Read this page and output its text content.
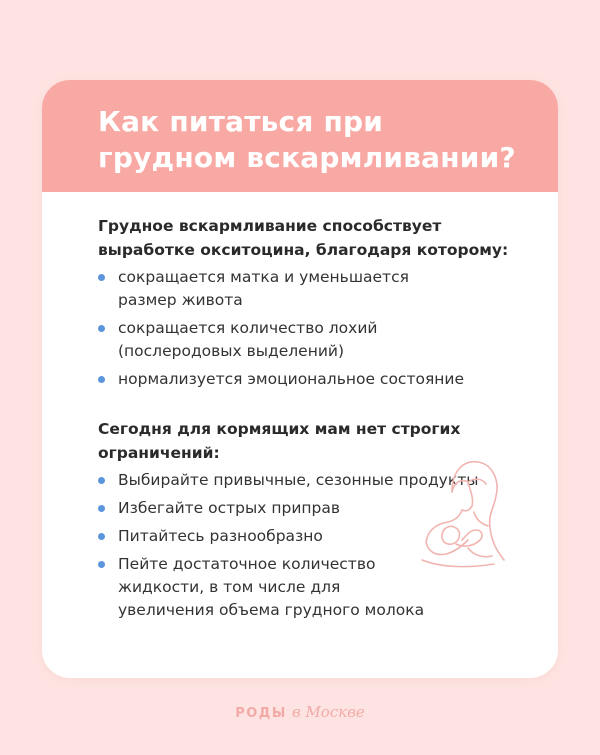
Как питаться при
грудном вскармливании?

Грудное вскармливание способствует
выработке окситоцина, благодаря которому:

сокращается матка и уменьшается
размер живота
сокращается количество лохий
(послеродовых выделений)
нормализуется эмоциональное состояние

Сегодня для кормящих мам нет строгих
ограничений:

Выбирайте привычные, сезонные продукты
Избегайте острых приправ
Питайтесь разнообразно
Пейте достаточное количество
жидкости, в том числе для
увеличения объема грудного молока
РОДЫ в Москве
